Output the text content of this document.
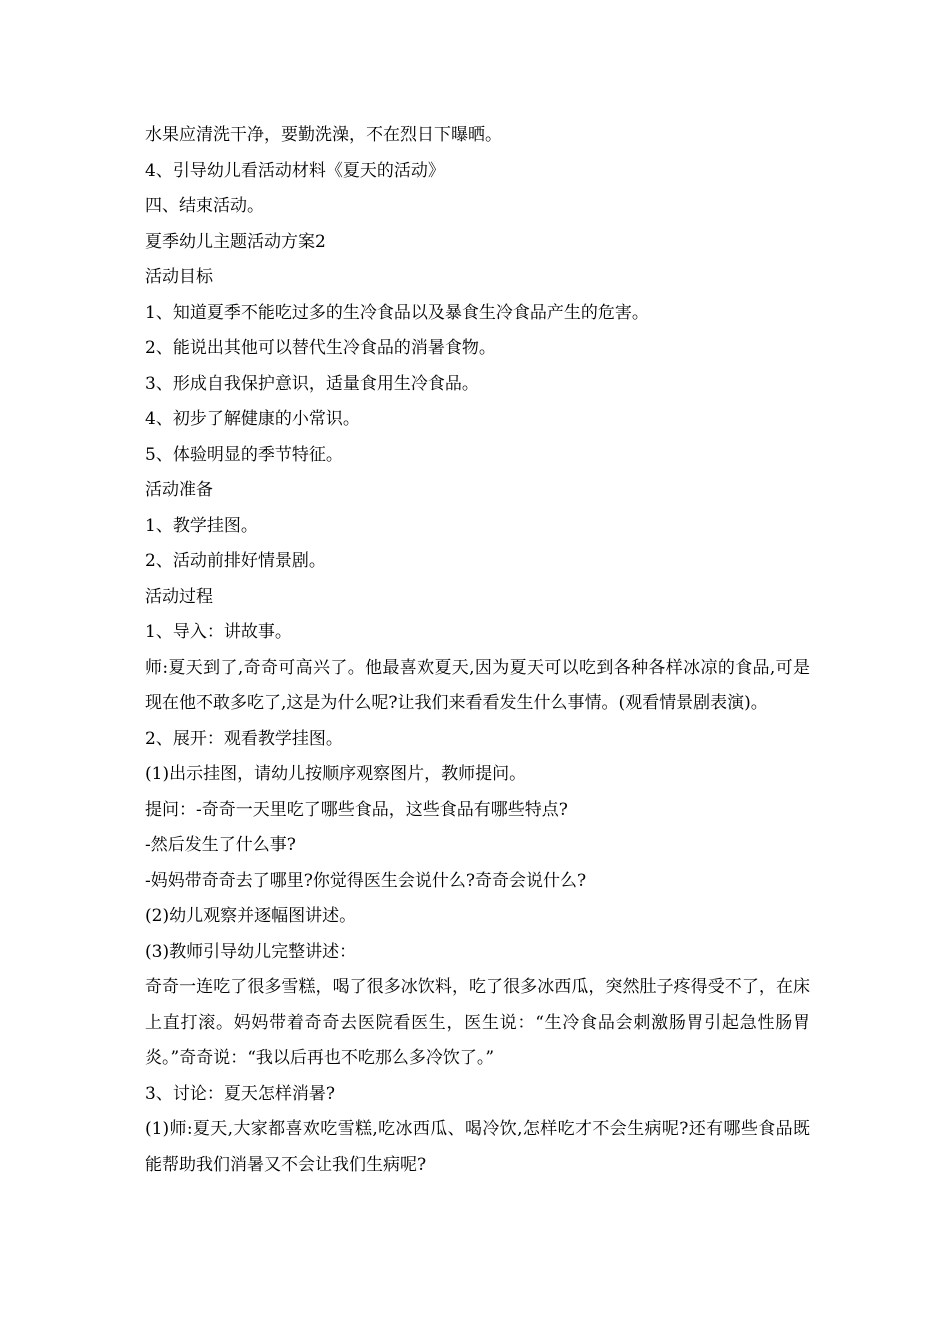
水果应清洗干净，要勤洗澡，不在烈日下曝晒。
4、引导幼儿看活动材料《夏天的活动》
四、结束活动。
夏季幼儿主题活动方案2
活动目标
1、知道夏季不能吃过多的生冷食品以及暴食生冷食品产生的危害。
2、能说出其他可以替代生冷食品的消暑食物。
3、形成自我保护意识，适量食用生冷食品。
4、初步了解健康的小常识。
5、体验明显的季节特征。
活动准备
1、教学挂图。
2、活动前排好情景剧。
活动过程
1、导入：讲故事。
师:夏天到了,奇奇可高兴了。他最喜欢夏天,因为夏天可以吃到各种各样冰凉的食品,可是现在他不敢多吃了,这是为什么呢?让我们来看看发生什么事情。(观看情景剧表演)。
2、展开：观看教学挂图。
(1)出示挂图，请幼儿按顺序观察图片，教师提问。
提问：-奇奇一天里吃了哪些食品，这些食品有哪些特点?
-然后发生了什么事?
-妈妈带奇奇去了哪里?你觉得医生会说什么?奇奇会说什么?
(2)幼儿观察并逐幅图讲述。
(3)教师引导幼儿完整讲述：
奇奇一连吃了很多雪糕，喝了很多冰饮料，吃了很多冰西瓜，突然肚子疼得受不了，在床上直打滚。妈妈带着奇奇去医院看医生，医生说：“生冷食品会刺激肠胃引起急性肠胃炎。”奇奇说：“我以后再也不吃那么多冷饮了。”
3、讨论：夏天怎样消暑?
(1)师:夏天,大家都喜欢吃雪糕,吃冰西瓜、喝冷饮,怎样吃才不会生病呢?还有哪些食品既能帮助我们消暑又不会让我们生病呢?
